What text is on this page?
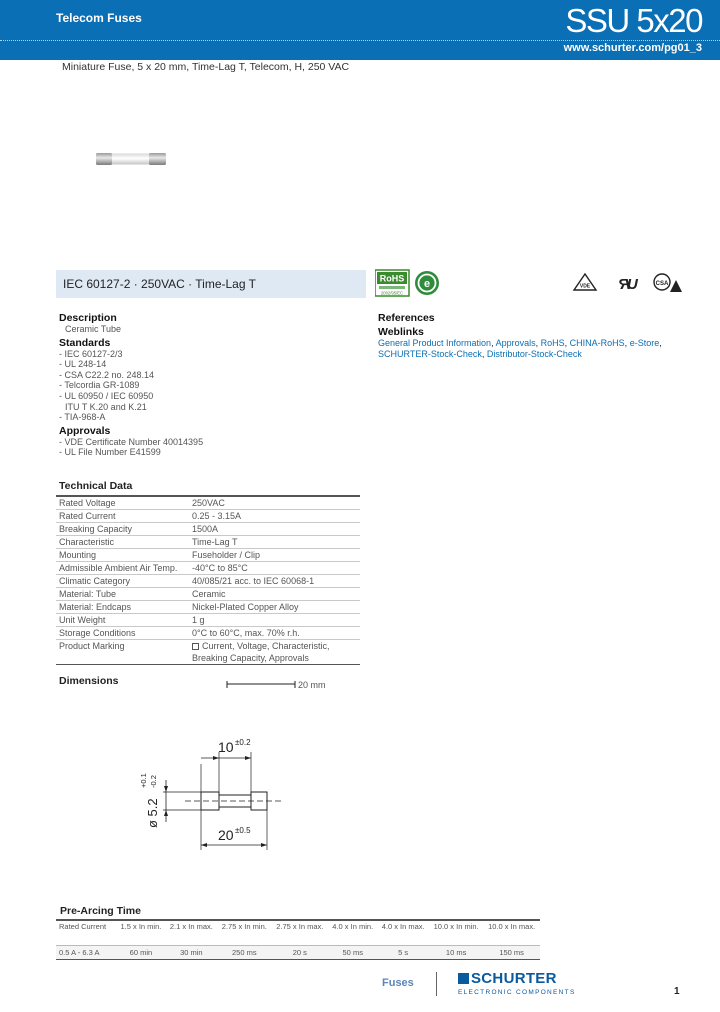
Telecom Fuses	SSU 5x20
www.schurter.com/pg01_3
Miniature Fuse, 5 x 20 mm, Time-Lag T, Telecom, H, 250 VAC
IEC 60127-2 · 250VAC · Time-Lag T	RoHS
2002/95/EC
e	VDE R
U	CSA
Description
Ceramic Tube
Standards
- IEC 60127-2/3
- UL 248-14
- CSA C22.2 no. 248.14
- Telcordia GR-1089
- UL 60950 / IEC 60950
ITU T K.20 and K.21
- TIA-968-A
Approvals
- VDE Certificate Number 40014395
- UL File Number E41599
References
Weblinks
General Product Information, Approvals, RoHS, CHINA-RoHS, e-Store,
SCHURTER-Stock-Check, Distributor-Stock-Check
Technical Data
Rated Voltage	250VAC
Rated Current	0.25 - 3.15A
Breaking Capacity	1500A
Characteristic	Time-Lag T
Mounting	Fuseholder / Clip
Admissible Ambient Air Temp.	-40°C to 85°C
Climatic Category	40/085/21 acc. to IEC 60068-1
Material: Tube	Ceramic
Material: Endcaps	Nickel-Plated Copper Alloy
Unit Weight	1 g
Storage Conditions	0°C to 60°C, max. 70% r.h.
Product Marking	Current, Voltage, Characteristic,
Breaking Capacity, Approvals
Dimensions	20 mm
10 ±0.2
20 ±0.5
ø 5.2
+0.1 -0.2
Pre-Arcing Time
Rated Current	1.5 x In min.	2.1 x In max.	2.75 x In min.	2.75 x In max.	4.0 x In min.	4.0 x In max.	10.0 x In min.	10.0 x In max.
0.5 A - 6.3 A	60 min	30 min	250 ms	20 s	50 ms	5 s	10 ms	150 ms
Fuses	SCHURTER
ELECTRONIC COMPONENTS	1
